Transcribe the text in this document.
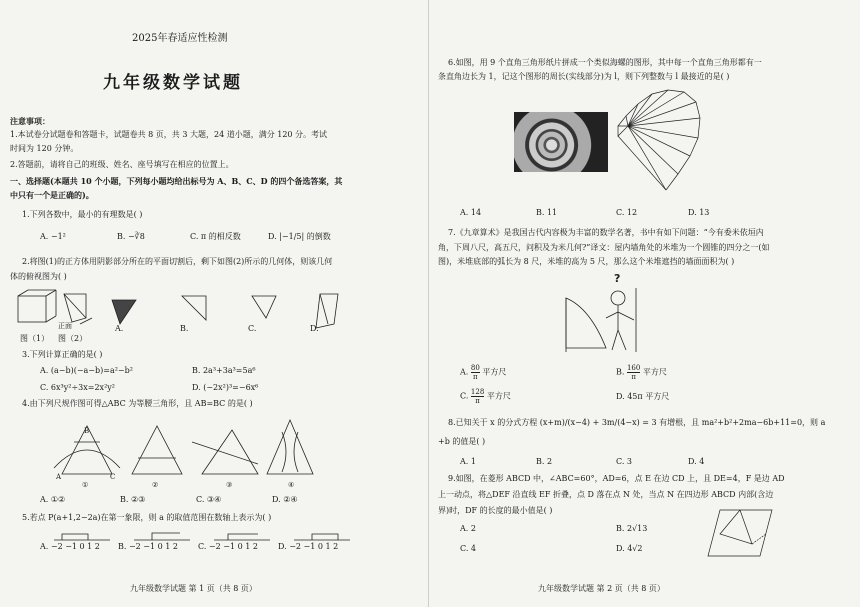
2025年春适应性检测
九年级数学试题
注意事项：
1.本试卷分试题卷和答题卡，试题卷共 8 页，共 3 大题，24 道小题，满分 120 分。考试
时间为 120 分钟。
2.答题前，请将自己的班级、姓名、座号填写在相应的位置上。
一、选择题(本题共 10 个小题，下列每小题均给出标号为 A、B、C、D 的四个备选答案，其
中只有一个是正确的)。
1.下列各数中，最小的有理数是( )
A. −1²	B. −∛8	C. π 的相反数	D. |−1/5| 的倒数
2.将图(1)的正方体用阴影部分所在的平面切割后，剩下如图(2)所示的几何体，则该几何
体的俯视图为( )
正面	A.	B.	C.	D.
图（1） 图（2）
3.下列计算正确的是( )
A. (a−b)(−a−b)=a²−b²	B. 2a³+3a³=5a⁶
C. 6x³y²÷3x=2x²y²	D. (−2x²)³=−6x⁶
4.由下列尺规作图可得△ABC 为等腰三角形，且 AB=BC 的是( )
B
A	C
①	②	③	④
A. ①②	B. ②③	C. ③④	D. ②④
5.若点 P(a+1,2−2a)在第一象限，则 a 的取值范围在数轴上表示为( )
A. −2 −1 0 1 2 B. −2 −1 0 1 2	C. −2 −1 0 1 2	D. −2 −1 0 1 2
九年级数学试题 第 1 页（共 8 页）
6.如图，用 9 个直角三角形纸片拼成一个类似海螺的图形，其中每一个直角三角形都有一
条直角边长为 1，记这个图形的周长(实线部分)为 l，则下列整数与 l 最接近的是( )
A. 14	B. 11	C. 12	D. 13
7.《九章算术》是我国古代内容极为丰富的数学名著，书中有如下问题：“今有委米依垣内
角，下周八尺，高五尺，问积及为米几何?”译文：屋内墙角处的米堆为一个圆锥的四分之一(如
图)，米堆底部的弧长为 8 尺，米堆的高为 5 尺，那么这个米堆遮挡的墙面面积为( )
?
A. $\frac{80}{\pi}$ 平方尺	B. $\frac{160}{\pi}$ 平方尺
C. $\frac{128}{\pi}$ 平方尺	D. 45π 平方尺
8.已知关于 x 的分式方程 (x+m)/(x−4) + 3m/(4−x) = 3 有增根，且 ma²+b²+2ma−6b+11=0，则 a
+b 的值是( )
A. 1	B. 2	C. 3	D. 4
9.如图，在菱形 ABCD 中，∠ABC=60°，AD=6，点 E 在边 CD 上，且 DE=4，F 是边 AD
上一动点，将△DEF 沿直线 EF 折叠，点 D 落在点 N 处，当点 N 在四边形 ABCD 内部(含边
界)时，DF 的长度的最小值是( )
A. 2	B. 2√13
C. 4	D. 4√2
九年级数学试题 第 2 页（共 8 页）
